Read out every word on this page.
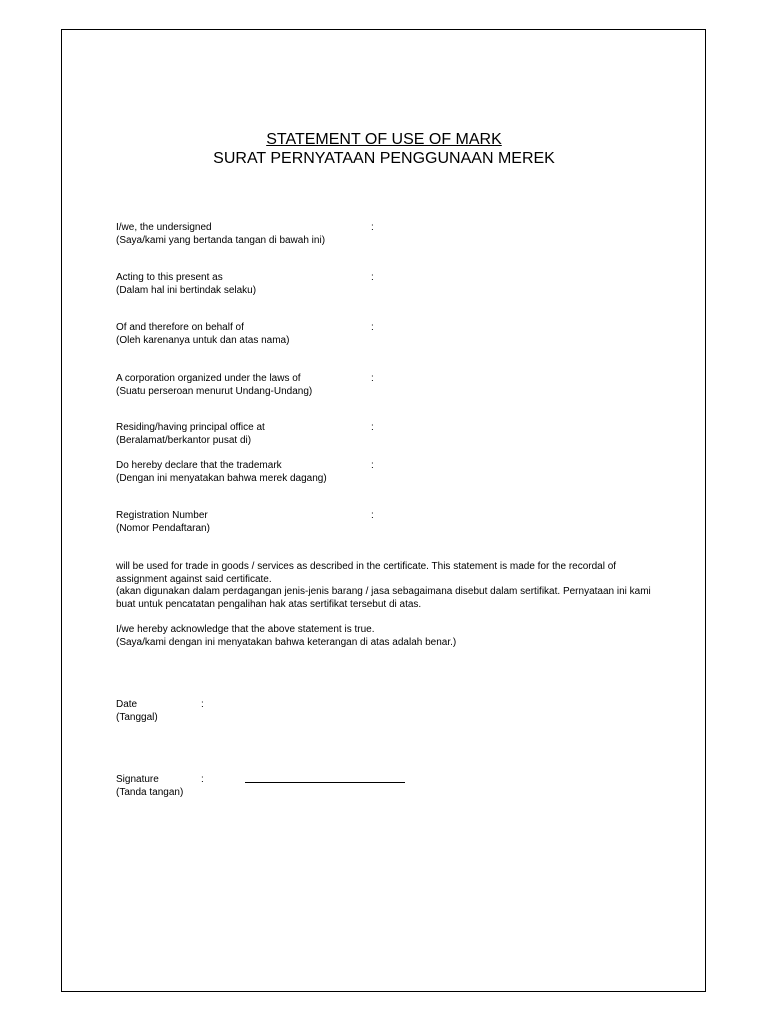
STATEMENT OF USE OF MARK
SURAT PERNYATAAN PENGGUNAAN MEREK
I/we, the undersigned
(Saya/kami yang bertanda tangan di bawah ini)
:
Acting to this present as
(Dalam hal ini bertindak selaku)
:
Of and therefore on behalf of
(Oleh karenanya untuk dan atas nama)
:
A corporation organized under the laws of
(Suatu perseroan menurut Undang-Undang)
:
Residing/having principal office at
(Beralamat/berkantor pusat di)
:
Do hereby declare that the trademark
(Dengan ini menyatakan bahwa merek dagang)
:
Registration Number
(Nomor Pendaftaran)
:
will be used for trade in goods / services as described in the certificate. This statement is made for the recordal of assignment against said certificate.
(akan digunakan dalam perdagangan jenis-jenis barang / jasa sebagaimana disebut dalam sertifikat. Pernyataan ini kami buat untuk pencatatan pengalihan hak atas sertifikat tersebut di atas.
I/we hereby acknowledge that the above statement is true.
(Saya/kami dengan ini menyatakan bahwa keterangan di atas adalah benar.)
Date
(Tanggal)
:
Signature
(Tanda tangan)
:
